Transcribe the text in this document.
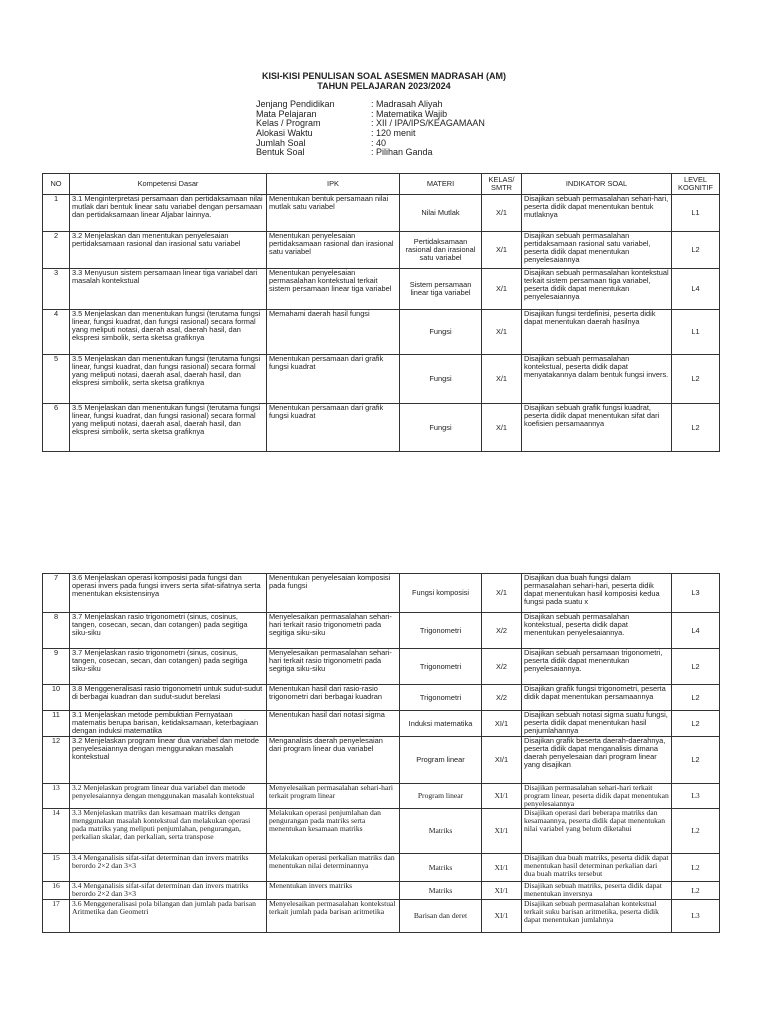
KISI-KISI PENULISAN SOAL ASESMEN MADRASAH (AM)
TAHUN PELAJARAN 2023/2024
Jenjang Pendidikan	: Madrasah Aliyah
Mata Pelajaran	: Matematika Wajib
Kelas / Program	: XII / IPA/IPS/KEAGAMAAN
Alokasi Waktu	: 120 menit
Jumlah Soal	: 40
Bentuk Soal	: Pilihan Ganda
NO	Kompetensi Dasar	IPK	MATERI	KELAS/ SMTR	INDIKATOR SOAL	LEVEL KOGNITIF
1	3.1 Menginterpretasi persamaan dan pertidaksamaan nilai mutlak dari bentuk linear satu variabel dengan persamaan dan pertidaksamaan linear Aljabar lainnya.	Menentukan bentuk persamaan nilai mutlak satu variabel	Nilai Mutlak	X/1	Disajikan sebuah permasalahan sehari-hari, peserta didik dapat menentukan bentuk mutlaknya	L1
2	3.2 Menjelaskan dan menentukan penyelesaian pertidaksamaan rasional dan irasional satu variabel	Menentukan penyelesaian pertidaksamaan rasional dan irasional satu variabel	Pertidaksamaan rasional dan irasional satu variabel	X/1	Disajikan sebuah permasalahan pertidaksamaan rasional satu variabel, peserta didik dapat menentukan penyelesaiannya	L2
3	3.3 Menyusun sistem persamaan linear tiga variabel dari masalah kontekstual	Menentukan penyelesaian permasalahan kontekstual terkait sistem persamaan linear tiga variabel	Sistem persamaan linear tiga variabel	X/1	Disajikan sebuah permasalahan kontekstual terkait sistem persamaan tiga variabel, peserta didik dapat menentukan penyelesaiannya	L4
4	3.5 Menjelaskan dan menentukan fungsi (terutama fungsi linear, fungsi kuadrat, dan fungsi rasional) secara formal yang meliputi notasi, daerah asal, daerah hasil, dan ekspresi simbolik, serta sketsa grafiknya	Memahami daerah hasil fungsi	Fungsi	X/1	Disajikan fungsi terdefinisi, peserta didik dapat menentukan daerah hasilnya	L1
5	3.5 Menjelaskan dan menentukan fungsi (terutama fungsi linear, fungsi kuadrat, dan fungsi rasional) secara formal yang meliputi notasi, daerah asal, daerah hasil, dan ekspresi simbolik, serta sketsa grafiknya	Menentukan persamaan dari grafik fungsi kuadrat	Fungsi	X/1	Disajikan sebuah permasalahan kontekstual, peserta didik dapat menyatakannya dalam bentuk fungsi invers.	L2
6	3.5 Menjelaskan dan menentukan fungsi (terutama fungsi linear, fungsi kuadrat, dan fungsi rasional) secara formal yang meliputi notasi, daerah asal, daerah hasil, dan ekspresi simbolik, serta sketsa grafiknya	Menentukan persamaan dari grafik fungsi kuadrat	Fungsi	X/1	Disajikan sebuah grafik fungsi kuadrat, peserta didik dapat menentukan sifat dari koefisien persamaannya	L2
7	3.6 Menjelaskan operasi komposisi pada fungsi dan operasi invers pada fungsi invers serta sifat-sifatnya serta menentukan eksistensinya	Menentukan penyelesaian komposisi pada fungsi	Fungsi komposisi	X/1	Disajikan dua buah fungsi dalam permasalahan sehari-hari, peserta didik dapat menentukan hasil komposisi kedua fungsi pada suatu x	L3
8	3.7 Menjelaskan rasio trigonometri (sinus, cosinus, tangen, cosecan, secan, dan cotangen) pada segitiga siku-siku	Menyelesaikan permasalahan sehari-hari terkait rasio trigonometri pada segitiga siku-siku	Trigonometri	X/2	Disajikan sebuah permasalahan kontekstual, peserta didik dapat menentukan penyelesaiannya.	L4
9	3.7 Menjelaskan rasio trigonometri (sinus, cosinus, tangen, cosecan, secan, dan cotangen) pada segitiga siku-siku	Menyelesaikan permasalahan sehari-hari terkait rasio trigonometri pada segitiga siku-siku	Trigonometri	X/2	Disajikan sebuah persamaan trigonometri, peserta didik dapat menentukan penyelesaiannya.	L2
10	3.8 Menggeneralisasi rasio trigonometri untuk sudut-sudut di berbagai kuadran dan sudut-sudut berelasi	Menentukan hasil dari rasio-rasio trigonometri dari berbagai kuadran	Trigonometri	X/2	Disajikan grafik fungsi trigonometri, peserta didik dapat menentukan persamaannya	L2
11	3.1 Menjelaskan metode pembuktian Pernyataan matematis berupa barisan, ketidaksamaan, keterbagiaan dengan induksi matematika	Menentukan hasil dari notasi sigma	Induksi matematika	XI/1	Disajikan sebuah notasi sigma suatu fungsi, peserta didik dapat menentukan hasil penjumlahannya	L2
12	3.2 Menjelaskan program linear dua variabel dan metode penyelesaiannya dengan menggunakan masalah kontekstual	Menganalisis daerah penyelesaian dari program linear dua variabel	Program linear	XI/1	Disajikan grafik beserta daerah-daerahnya, peserta didik dapat menganalisis dimana daerah penyelesaian dari program linear yang disajikan	L2
13	3.2 Menjelaskan program linear dua variabel dan metode penyelesaiannya dengan menggunakan masalah kontekstual	Menyelesaikan permasalahan sehari-hari terkait program linear	Program linear	XI/1	Disajikan permasalahan sehari-hari terkait program linear, peserta didik dapat menentukan penyelesaiannya	L3
14	3.3 Menjelaskan matriks dan kesamaan matriks dengan menggunakan masalah kontekstual dan melakukan operasi pada matriks yang meliputi penjumlahan, pengurangan, perkalian skalar, dan perkalian, serta transpose	Melakukan operasi penjumlahan dan pengurangan pada matriks serta menentukan kesamaan matriks	Matriks	XI/1	Disajikan operasi dari beberapa matriks dan kesamaannya, peserta didik dapat menentukan nilai variabel yang belum diketahui	L2
15	3.4 Menganalisis sifat-sifat determinan dan invers matriks berordo 2×2 dan 3×3	Melakukan operasi perkalian matriks dan menentukan nilai determinannya	Matriks	XI/1	Disajikan dua buah matriks, peserta didik dapat menentukan hasil determinan perkalian dari dua buah matriks tersebut	L2
16	3.4 Menganalisis sifat-sifat determinan dan invers matriks berordo 2×2 dan 3×3	Menentukan invers matriks	Matriks	XI/1	Disajikan sebuah matriks, peserta didik dapat menentukan inversnya	L2
17	3.6 Menggeneralisasi pola bilangan dan jumlah pada barisan Aritmetika dan Geometri	Menyelesaikan permasalahan kontekstual terkait jumlah pada barisan aritmetika	Barisan dan deret	XI/1	Disajikan sebuah permasalahan kontekstual terkait suku barisan aritmetika, peserta didik dapat menentukan jumlahnya	L3
